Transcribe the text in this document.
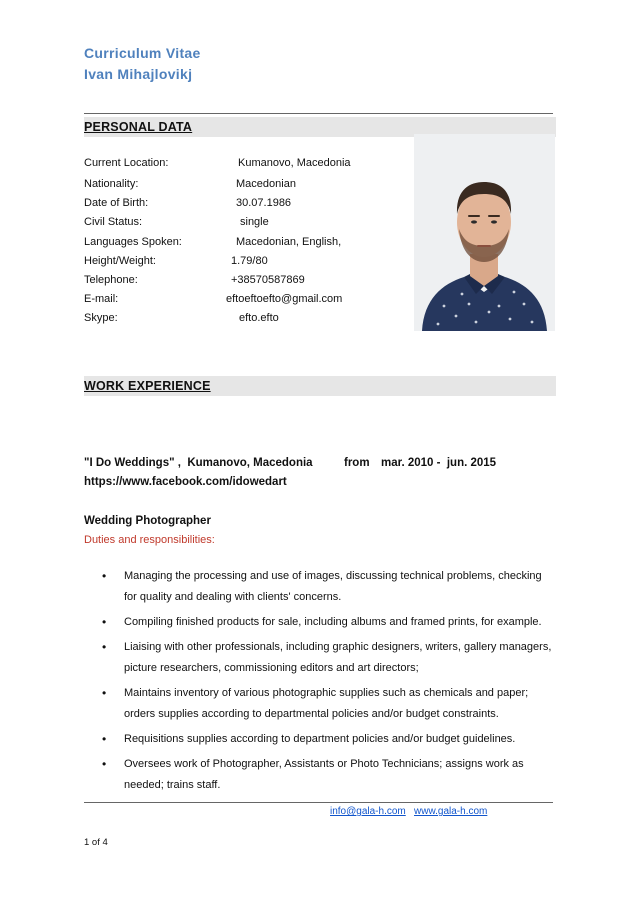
Curriculum Vitae
Ivan Mihajlovikj
PERSONAL DATA
Current Location:	Kumanovo, Macedonia
Nationality:	Macedonian
Date of Birth:	30.07.1986
Civil Status:	single
Languages Spoken:	Macedonian, English,
Height/Weight:	1.79/80
Telephone:	+38570587869
E-mail:	eftoeftoefto@gmail.com
Skype:	efto.efto
WORK EXPERIENCE
"I Do Weddings" ,  Kumanovo, Macedonia	from mar. 2010 -  jun. 2015
https://www.facebook.com/idowedart
Wedding Photographer
Duties and responsibilities:
• Managing the processing and use of images, discussing technical problems, checking for quality and dealing with clients' concerns.
• Compiling finished products for sale, including albums and framed prints, for example.
• Liaising with other professionals, including graphic designers, writers, gallery managers, picture researchers, commissioning editors and art directors;
• Maintains inventory of various photographic supplies such as chemicals and paper; orders supplies according to departmental policies and/or budget constraints.
• Requisitions supplies according to department policies and/or budget guidelines.
• Oversees work of Photographer, Assistants or Photo Technicians; assigns work as needed; trains staff.
info@gala-h.com www.gala-h.com
1 of 4
